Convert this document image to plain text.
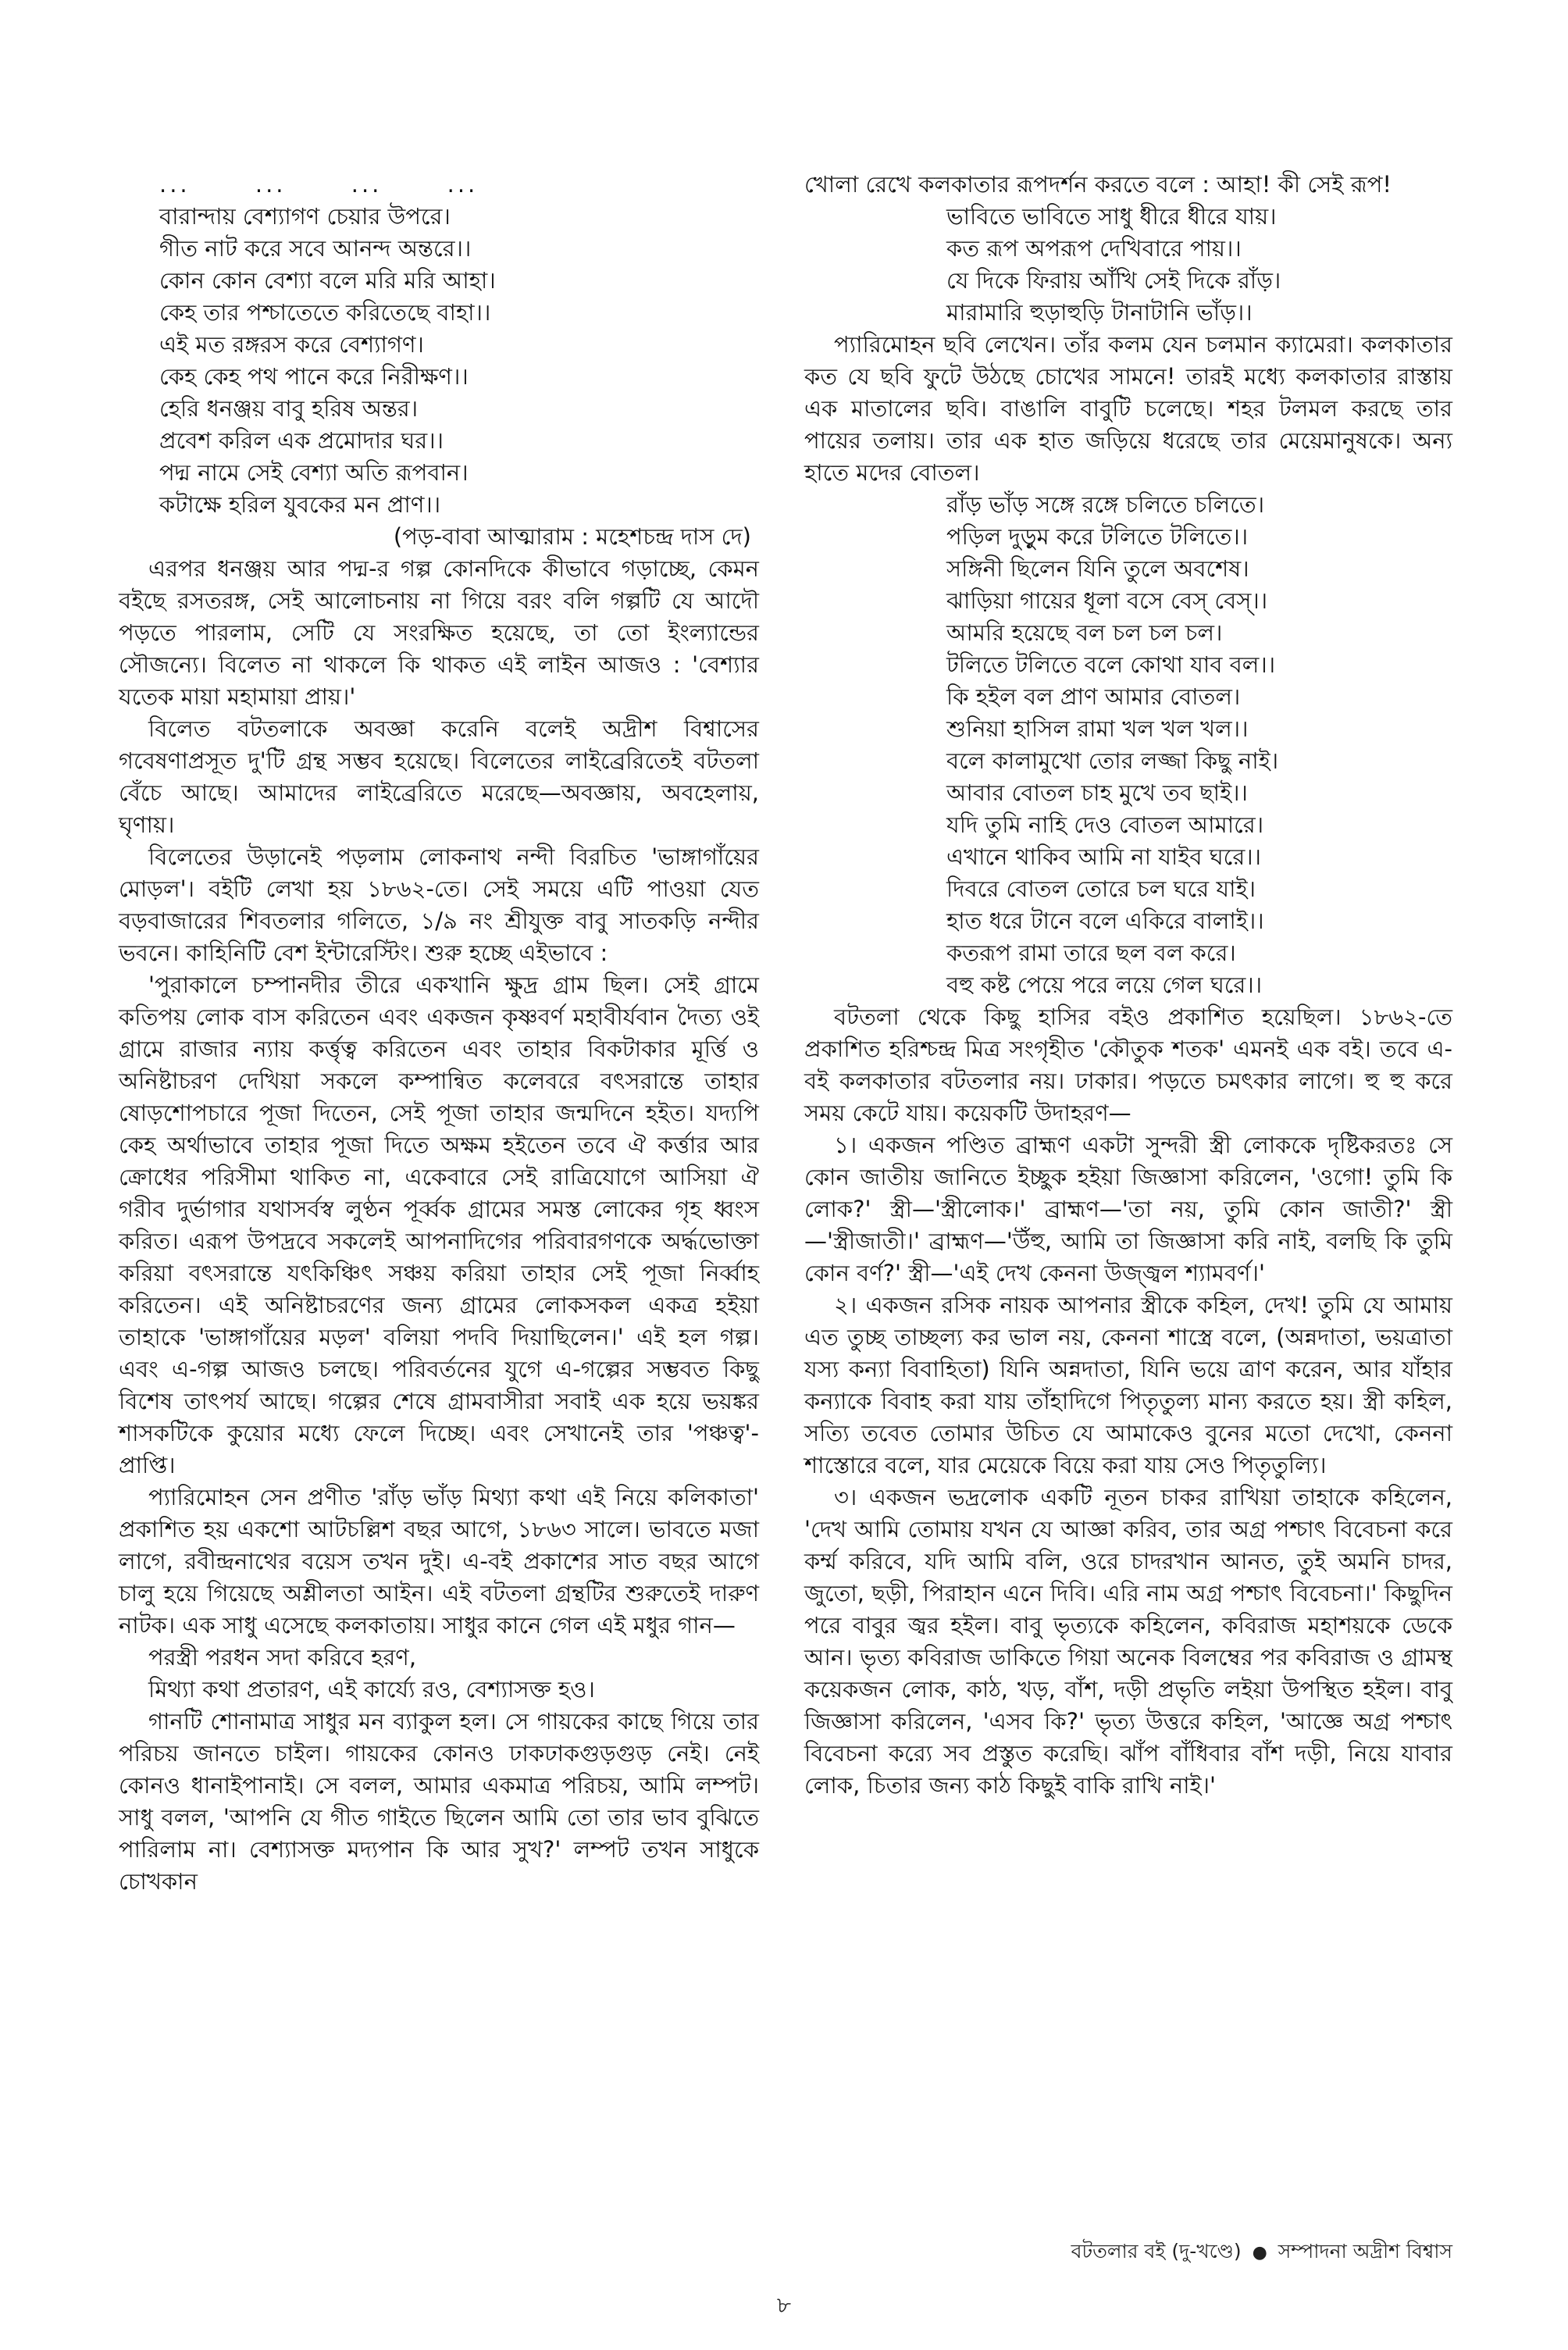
... ... ... ...
বারান্দায় বেশ্যাগণ চেয়ার উপরে।
গীত নাট করে সবে আনন্দ অন্তরে।।
কোন কোন বেশ্যা বলে মরি মরি আহা।
কেহ তার পশ্চাতেতে করিতেছে বাহা।।
এই মত রঙ্গরস করে বেশ্যাগণ।
কেহ কেহ পথ পানে করে নিরীক্ষণ।।
হেরি ধনঞ্জয় বাবু হরিষ অন্তর।
প্রবেশ করিল এক প্রমোদার ঘর।।
পদ্ম নামে সেই বেশ্যা অতি রূপবান।
কটাক্ষে হরিল যুবকের মন প্রাণ।।
(পড়-বাবা আত্মারাম : মহেশচন্দ্র দাস দে)

এরপর ধনঞ্জয় আর পদ্ম-র গল্প কোনদিকে কীভাবে গড়াচ্ছে, কেমন বইছে রসতরঙ্গ, সেই আলোচনায় না গিয়ে বরং বলি গল্পটি যে আদৌ পড়তে পারলাম, সেটি যে সংরক্ষিত হয়েছে, তা তো ইংল্যান্ডের সৌজন্যে। বিলেত না থাকলে কি থাকত এই লাইন আজও : 'বেশ্যার যতেক মায়া মহামায়া প্রায়।'

বিলেত বটতলাকে অবজ্ঞা করেনি বলেই অদ্রীশ বিশ্বাসের গবেষণাপ্রসূত দু'টি গ্রন্থ সম্ভব হয়েছে। বিলেতের লাইব্রেরিতেই বটতলা বেঁচে আছে। আমাদের লাইব্রেরিতে মরেছে—অবজ্ঞায়, অবহেলায়, ঘৃণায়।

বিলেতের উড়ানেই পড়লাম লোকনাথ নন্দী বিরচিত 'ভাঙ্গাগাঁয়ের মোড়ল'। বইটি লেখা হয় ১৮৬২-তে। সেই সময়ে এটি পাওয়া যেত বড়বাজারের শিবতলার গলিতে, ১/৯ নং শ্রীযুক্ত বাবু সাতকড়ি নন্দীর ভবনে। কাহিনিটি বেশ ইন্টারেস্টিং। শুরু হচ্ছে এইভাবে :

'পুরাকালে চম্পানদীর তীরে একখানি ক্ষুদ্র গ্রাম ছিল। সেই গ্রামে কতিপয় লোক বাস করিতেন এবং একজন কৃষ্ণবর্ণ মহাবীর্যবান দৈত্য ওই গ্রামে রাজার ন্যায় কর্ত্তৃত্ব করিতেন এবং তাহার বিকটাকার মূর্ত্তি ও অনিষ্টাচরণ দেখিয়া সকলে কম্পান্বিত কলেবরে বৎসরান্তে তাহার ষোড়শোপচারে পূজা দিতেন, সেই পূজা তাহার জন্মদিনে হইত। যদ্যপি কেহ অর্থাভাবে তাহার পূজা দিতে অক্ষম হইতেন তবে ঐ কর্ত্তার আর ক্রোধের পরিসীমা থাকিত না, একেবারে সেই রাত্রিযোগে আসিয়া ঐ গরীব দুর্ভাগার যথাসর্বস্ব লুণ্ঠন পূর্ব্বক গ্রামের সমস্ত লোকের গৃহ ধ্বংস করিত। এরূপ উপদ্রবে সকলেই আপনাদিগের পরিবারগণকে অর্দ্ধভোক্তা করিয়া বৎসরান্তে যৎকিঞ্চিৎ সঞ্চয় করিয়া তাহার সেই পূজা নির্ব্বাহ করিতেন। এই অনিষ্টাচরণের জন্য গ্রামের লোকসকল একত্র হইয়া তাহাকে 'ভাঙ্গাগাঁয়ের মড়ল' বলিয়া পদবি দিয়াছিলেন।' এই হল গল্প। এবং এ-গল্প আজও চলছে। পরিবর্তনের যুগে এ-গল্পের সম্ভবত কিছু বিশেষ তাৎপর্য আছে। গল্পের শেষে গ্রামবাসীরা সবাই এক হয়ে ভয়ঙ্কর শাসকটিকে কুয়োর মধ্যে ফেলে দিচ্ছে। এবং সেখানেই তার 'পঞ্চত্ব'-প্রাপ্তি।

প্যারিমোহন সেন প্রণীত 'রাঁড় ভাঁড় মিথ্যা কথা এই নিয়ে কলিকাতা' প্রকাশিত হয় একশো আটচল্লিশ বছর আগে, ১৮৬৩ সালে। ভাবতে মজা লাগে, রবীন্দ্রনাথের বয়েস তখন দুই। এ-বই প্রকাশের সাত বছর আগে চালু হয়ে গিয়েছে অশ্লীলতা আইন। এই বটতলা গ্রন্থটির শুরুতেই দারুণ নাটক। এক সাধু এসেছে কলকাতায়। সাধুর কানে গেল এই মধুর গান—

পরস্ত্রী পরধন সদা করিবে হরণ,
মিথ্যা কথা প্রতারণ, এই কার্য্যে রও, বেশ্যাসক্ত হও।

গানটি শোনামাত্র সাধুর মন ব্যাকুল হল। সে গায়কের কাছে গিয়ে তার পরিচয় জানতে চাইল। গায়কের কোনও ঢাকঢাকগুড়গুড় নেই। নেই কোনও ধানাইপানাই। সে বলল, আমার একমাত্র পরিচয়, আমি লম্পট। সাধু বলল, 'আপনি যে গীত গাইতে ছিলেন আমি তো তার ভাব বুঝিতে পারিলাম না। বেশ্যাসক্ত মদ্যপান কি আর সুখ?' লম্পট তখন সাধুকে চোখকান

খোলা রেখে কলকাতার রূপদর্শন করতে বলে : আহা! কী সেই রূপ!

ভাবিতে ভাবিতে সাধু ধীরে ধীরে যায়।
কত রূপ অপরূপ দেখিবারে পায়।।
যে দিকে ফিরায় আঁখি সেই দিকে রাঁড়।
মারামারি হুড়াহুড়ি টানাটানি ভাঁড়।।

প্যারিমোহন ছবি লেখেন। তাঁর কলম যেন চলমান ক্যামেরা। কলকাতার কত যে ছবি ফুটে উঠছে চোখের সামনে! তারই মধ্যে কলকাতার রাস্তায় এক মাতালের ছবি। বাঙালি বাবুটি চলেছে। শহর টলমল করছে তার পায়ের তলায়। তার এক হাত জড়িয়ে ধরেছে তার মেয়েমানুষকে। অন্য হাতে মদের বোতল।

রাঁড় ভাঁড় সঙ্গে রঙ্গে চলিতে চলিতে।
পড়িল দুড়ুম করে টলিতে টলিতে।।
সঙ্গিনী ছিলেন যিনি তুলে অবশেষ।
ঝাড়িয়া গায়ের ধূলা বসে বেস্ বেস্।।
আমরি হয়েছে বল চল চল চল।
টলিতে টলিতে বলে কোথা যাব বল।।
কি হইল বল প্রাণ আমার বোতল।
শুনিয়া হাসিল রামা খল খল খল।।
বলে কালামুখো তোর লজ্জা কিছু নাই।
আবার বোতল চাহ মুখে তব ছাই।।
যদি তুমি নাহি দেও বোতল আমারে।
এখানে থাকিব আমি না যাইব ঘরে।।
দিবরে বোতল তোরে চল ঘরে যাই।
হাত ধরে টানে বলে একিরে বালাই।।
কতরূপ রামা তারে ছল বল করে।
বহু কষ্ট পেয়ে পরে লয়ে গেল ঘরে।।

বটতলা থেকে কিছু হাসির বইও প্রকাশিত হয়েছিল। ১৮৬২-তে প্রকাশিত হরিশ্চন্দ্র মিত্র সংগৃহীত 'কৌতুক শতক' এমনই এক বই। তবে এ-বই কলকাতার বটতলার নয়। ঢাকার। পড়তে চমৎকার লাগে। হু হু করে সময় কেটে যায়। কয়েকটি উদাহরণ—

১। একজন পণ্ডিত ব্রাহ্মণ একটা সুন্দরী স্ত্রী লোককে দৃষ্টিকরতঃ সে কোন জাতীয় জানিতে ইচ্ছুক হইয়া জিজ্ঞাসা করিলেন, 'ওগো! তুমি কি লোক?' স্ত্রী—'স্ত্রীলোক।' ব্রাহ্মণ—'তা নয়, তুমি কোন জাতী?' স্ত্রী—'স্ত্রীজাতী।' ব্রাহ্মণ—'উঁহু, আমি তা জিজ্ঞাসা করি নাই, বলছি কি তুমি কোন বর্ণ?' স্ত্রী—'এই দেখ কেননা উজ্জ্বল শ্যামবর্ণ।'

২। একজন রসিক নায়ক আপনার স্ত্রীকে কহিল, দেখ! তুমি যে আমায় এত তুচ্ছ তাচ্ছল্য কর ভাল নয়, কেননা শাস্ত্রে বলে, (অন্নদাতা, ভয়ত্রাতা যস্য কন্যা বিবাহিতা) যিনি অন্নদাতা, যিনি ভয়ে ত্রাণ করেন, আর যাঁহার কন্যাকে বিবাহ করা যায় তাঁহাদিগে পিতৃতুল্য মান্য করতে হয়। স্ত্রী কহিল, সত্যি তবেত তোমার উচিত যে আমাকেও বুনের মতো দেখো, কেননা শাস্তোরে বলে, যার মেয়েকে বিয়ে করা যায় সেও পিতৃতুল্যি।

৩। একজন ভদ্রলোক একটি নূতন চাকর রাখিয়া তাহাকে কহিলেন, 'দেখ আমি তোমায় যখন যে আজ্ঞা করিব, তার অগ্র পশ্চাৎ বিবেচনা করে কর্ম্ম করিবে, যদি আমি বলি, ওরে চাদরখান আনত, তুই অমনি চাদর, জুতো, ছড়ী, পিরাহান এনে দিবি। এরি নাম অগ্র পশ্চাৎ বিবেচনা।' কিছুদিন পরে বাবুর জ্বর হইল। বাবু ভৃত্যকে কহিলেন, কবিরাজ মহাশয়কে ডেকে আন। ভৃত্য কবিরাজ ডাকিতে গিয়া অনেক বিলম্বের পর কবিরাজ ও গ্রামস্থ কয়েকজন লোক, কাঠ, খড়, বাঁশ, দড়ী প্রভৃতি লইয়া উপস্থিত হইল। বাবু জিজ্ঞাসা করিলেন, 'এসব কি?' ভৃত্য উত্তরে কহিল, 'আজ্ঞে অগ্র পশ্চাৎ বিবেচনা কর‍্যে সব প্রস্তুত করেছি। ঝাঁপ বাঁধিবার বাঁশ দড়ী, নিয়ে যাবার লোক, চিতার জন্য কাঠ কিছুই বাকি রাখি নাই।'

বটতলার বই (দু-খণ্ডে) ● সম্পাদনা অদ্রীশ বিশ্বাস
৮
